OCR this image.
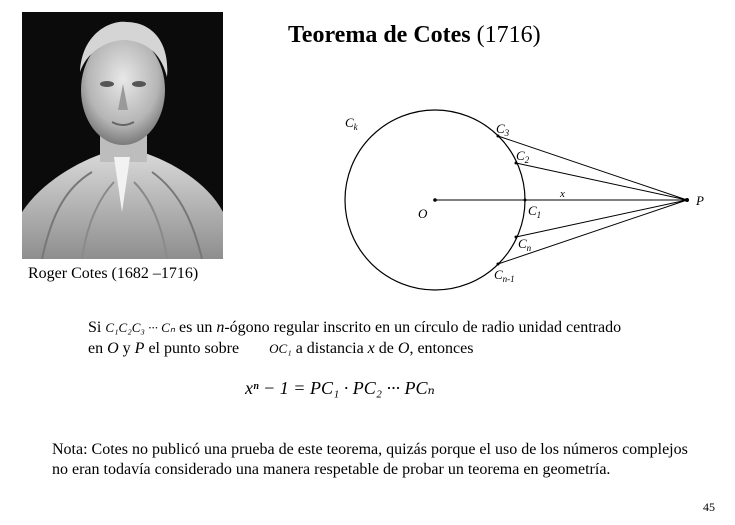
Teorema de Cotes (1716)
Roger Cotes (1682 –1716)
$C_k$	$C_3$
$C_2$
x
$C_1$
O
P
$C_n$
$C_{n-1}$
Si C₁C₂C₃ ··· Cₙ es un n-ógono regular inscrito en un círculo de radio unidad centrado
en O y P el punto sobre OC₁ a distancia x de O, entonces
xⁿ − 1 = PC₁ · PC₂ ··· PCₙ
Nota: Cotes no publicó una prueba de este teorema, quizás porque el uso de los números complejos no eran todavía considerado una manera respetable de probar un teorema en geometría.
45
